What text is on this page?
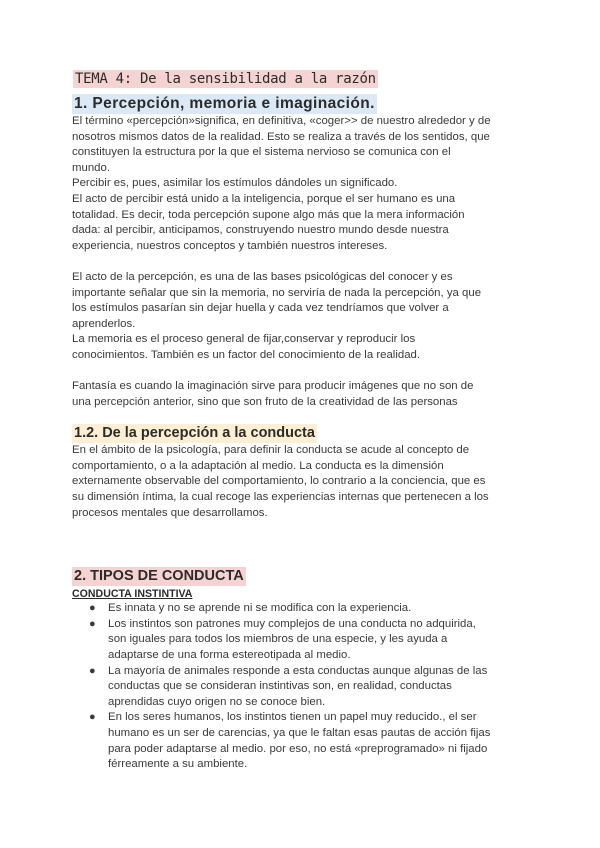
TEMA 4: De la sensibilidad a la razón
1. Percepción, memoria e imaginación.

El término «percepción»significa, en definitiva, «coger>> de nuestro alrededor y de

nosotros mismos datos de la realidad. Esto se realiza a través de los sentidos, que

constituyen la estructura por la que el sistema nervioso se comunica con el

mundo.

Percibir es, pues, asimilar los estímulos dándoles un significado.

El acto de percibir está unido a la inteligencia, porque el ser humano es una

totalidad. Es decir, toda percepción supone algo más que la mera información

dada: al percibir, anticipamos, construyendo nuestro mundo desde nuestra

experiencia, nuestros conceptos y también nuestros intereses.

El acto de la percepción, es una de las bases psicológicas del conocer y es

importante señalar que sin la memoria, no serviría de nada la percepción, ya que

los estímulos pasarían sin dejar huella y cada vez tendríamos que volver a

aprenderlos.

La memoria es el proceso general de fijar,conservar y reproducir los

conocimientos. También es un factor del conocimiento de la realidad.

Fantasía es cuando la imaginación sirve para producir imágenes que no son de

una percepción anterior, sino que son fruto de la creatividad de las personas

1.2. De la percepción a la conducta

En el ámbito de la psicología, para definir la conducta se acude al concepto de

comportamiento, o a la adaptación al medio. La conducta es la dimensión

externamente observable del comportamiento, lo contrario a la conciencia, que es

su dimensión íntima, la cual recoge las experiencias internas que pertenecen a los

procesos mentales que desarrollamos.

2. TIPOS DE CONDUCTA
CONDUCTA INSTINTIVA
● Es innata y no se aprende ni se modifica con la experiencia.
● Los instintos son patrones muy complejos de una conducta no adquirida,
son iguales para todos los miembros de una especie, y les ayuda a
adaptarse de una forma estereotipada al medio.
● La mayoría de animales responde a esta conductas aunque algunas de las
conductas que se consideran instintivas son, en realidad, conductas
aprendidas cuyo origen no se conoce bien.
● En los seres humanos, los instintos tienen un papel muy reducido., el ser
humano es un ser de carencias, ya que le faltan esas pautas de acción fijas
para poder adaptarse al medio. por eso, no está «preprogramado» ni fijado
férreamente a su ambiente.
